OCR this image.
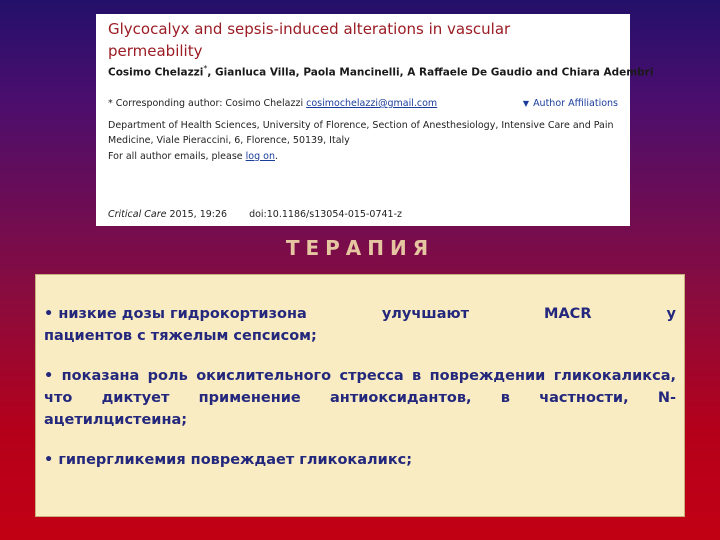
Glycocalyx and sepsis-induced alterations in vascular permeability

Cosimo Chelazzi*, Gianluca Villa, Paola Mancinelli, A Raffaele De Gaudio and Chiara Adembri
* Corresponding author: Cosimo Chelazzi cosimochelazzi@gmail.com	▼ Author Affiliations
Department of Health Sciences, University of Florence, Section of Anesthesiology, Intensive Care and Pain Medicine, Viale Pieraccini, 6, Florence, 50139, Italy
For all author emails, please log on.
Critical Care 2015, 19:26 doi:10.1186/s13054-015-0741-z
ТЕРАПИЯ

• низкие дозы гидрокортизона	улучшают	MACR	у
пациентов с тяжелым сепсисом;

• показана роль окислительного стресса в повреждении гликокаликса, что диктует применение антиоксидантов, в частности, N- ацетилцистеина;

• гипергликемия повреждает гликокаликс;
